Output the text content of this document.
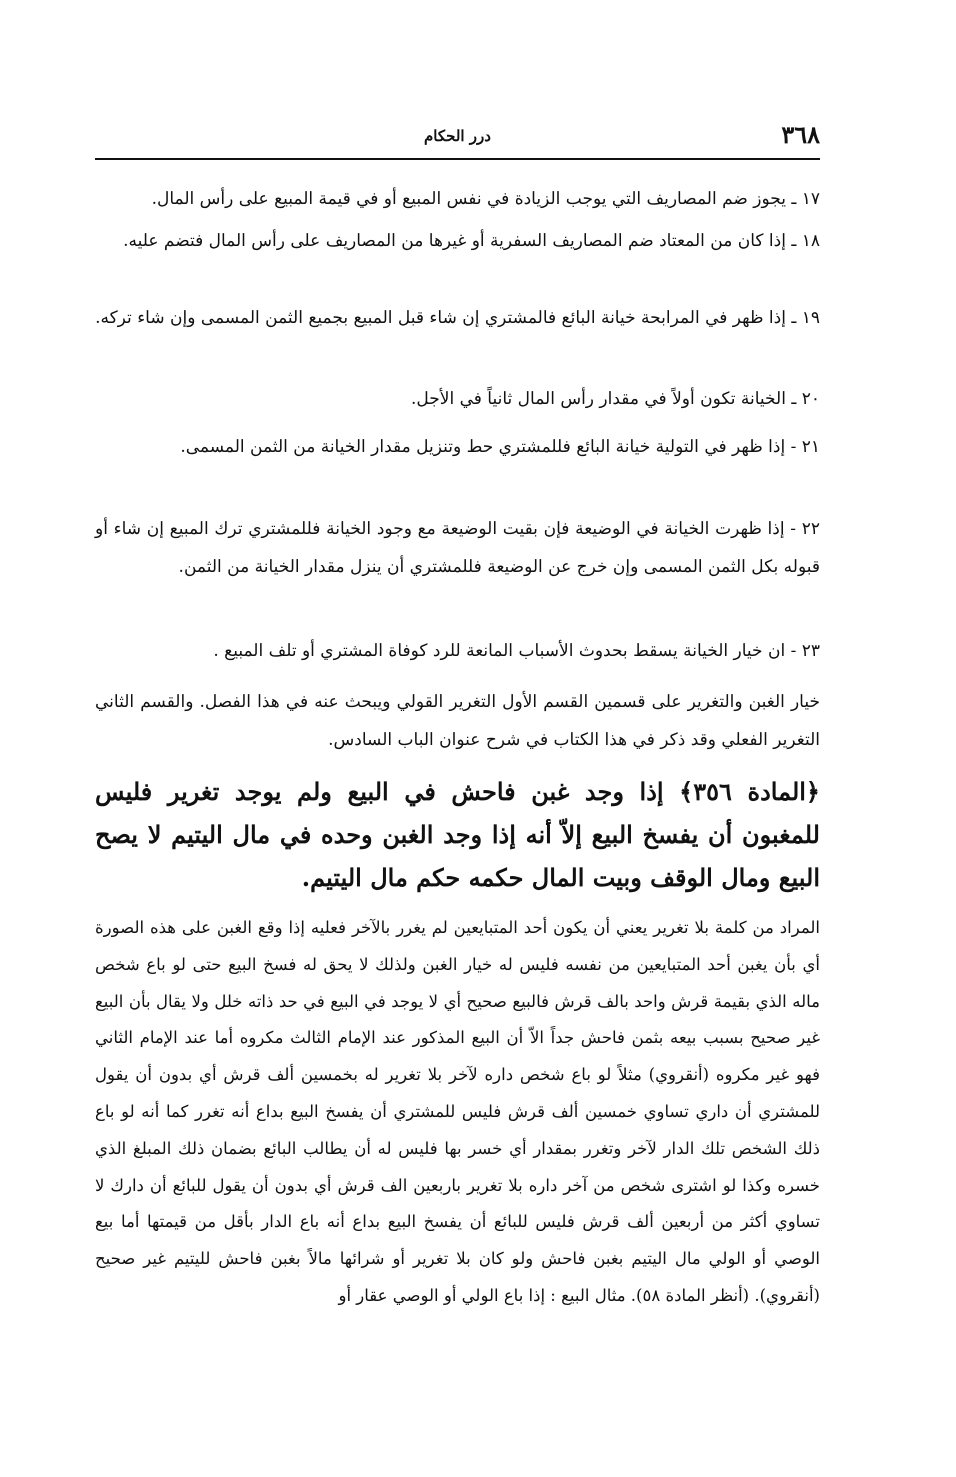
٣٦٨
درر الحكام

١٧ ـ يجوز ضم المصاريف التي يوجب الزيادة في نفس المبيع أو في قيمة المبيع على رأس المال.

١٨ ـ إذا كان من المعتاد ضم المصاريف السفرية أو غيرها من المصاريف على رأس المال فتضم عليه.

١٩ ـ إذا ظهر في المرابحة خيانة البائع فالمشتري إن شاء قبل المبيع بجميع الثمن المسمى وإن شاء تركه.

٢٠ ـ الخيانة تكون أولاً في مقدار رأس المال ثانياً في الأجل.

٢١ - إذا ظهر في التولية خيانة البائع فللمشتري حط وتنزيل مقدار الخيانة من الثمن المسمى.

٢٢ - إذا ظهرت الخيانة في الوضيعة فإن بقيت الوضيعة مع وجود الخيانة فللمشتري ترك المبيع إن شاء أو قبوله بكل الثمن المسمى وإن خرج عن الوضيعة فللمشتري أن ينزل مقدار الخيانة من الثمن.

٢٣ - ان خيار الخيانة يسقط بحدوث الأسباب المانعة للرد كوفاة المشتري أو تلف المبيع .

خيار الغبن والتغرير على قسمين القسم الأول التغرير القولي ويبحث عنه في هذا الفصل. والقسم الثاني التغرير الفعلي وقد ذكر في هذا الكتاب في شرح عنوان الباب السادس.

﴿المادة ٣٥٦﴾ إذا وجد غبن فاحش في البيع ولم يوجد تغرير فليس للمغبون أن يفسخ البيع إلاّ أنه إذا وجد الغبن وحده في مال اليتيم لا يصح البيع ومال الوقف وبيت المال حكمه حكم مال اليتيم.

المراد من كلمة بلا تغرير يعني أن يكون أحد المتبايعين لم يغرر بالآخر فعليه إذا وقع الغبن على هذه الصورة أي بأن يغبن أحد المتبايعين من نفسه فليس له خيار الغبن ولذلك لا يحق له فسخ البيع حتى لو باع شخص ماله الذي بقيمة قرش واحد بالف قرش فالبيع صحيح أي لا يوجد في البيع في حد ذاته خلل ولا يقال بأن البيع غير صحيح بسبب بيعه بثمن فاحش جداً الاّ أن البيع المذكور عند الإمام الثالث مكروه أما عند الإمام الثاني فهو غير مكروه (أنقروي) مثلاً لو باع شخص داره لآخر بلا تغرير له بخمسين ألف قرش أي بدون أن يقول للمشتري أن داري تساوي خمسين ألف قرش فليس للمشتري أن يفسخ البيع بداع أنه تغرر كما أنه لو باع ذلك الشخص تلك الدار لآخر وتغرر بمقدار أي خسر بها فليس له أن يطالب البائع بضمان ذلك المبلغ الذي خسره وكذا لو اشترى شخص من آخر داره بلا تغرير باربعين الف قرش أي بدون أن يقول للبائع أن دارك لا تساوي أكثر من أربعين ألف قرش فليس للبائع أن يفسخ البيع بداع أنه باع الدار بأقل من قيمتها أما بيع الوصي أو الولي مال اليتيم بغبن فاحش ولو كان بلا تغرير أو شرائها مالاً بغبن فاحش لليتيم غير صحيح (أنقروي). (أنظر المادة ٥٨). مثال البيع : إذا باع الولي أو الوصي عقار أو
